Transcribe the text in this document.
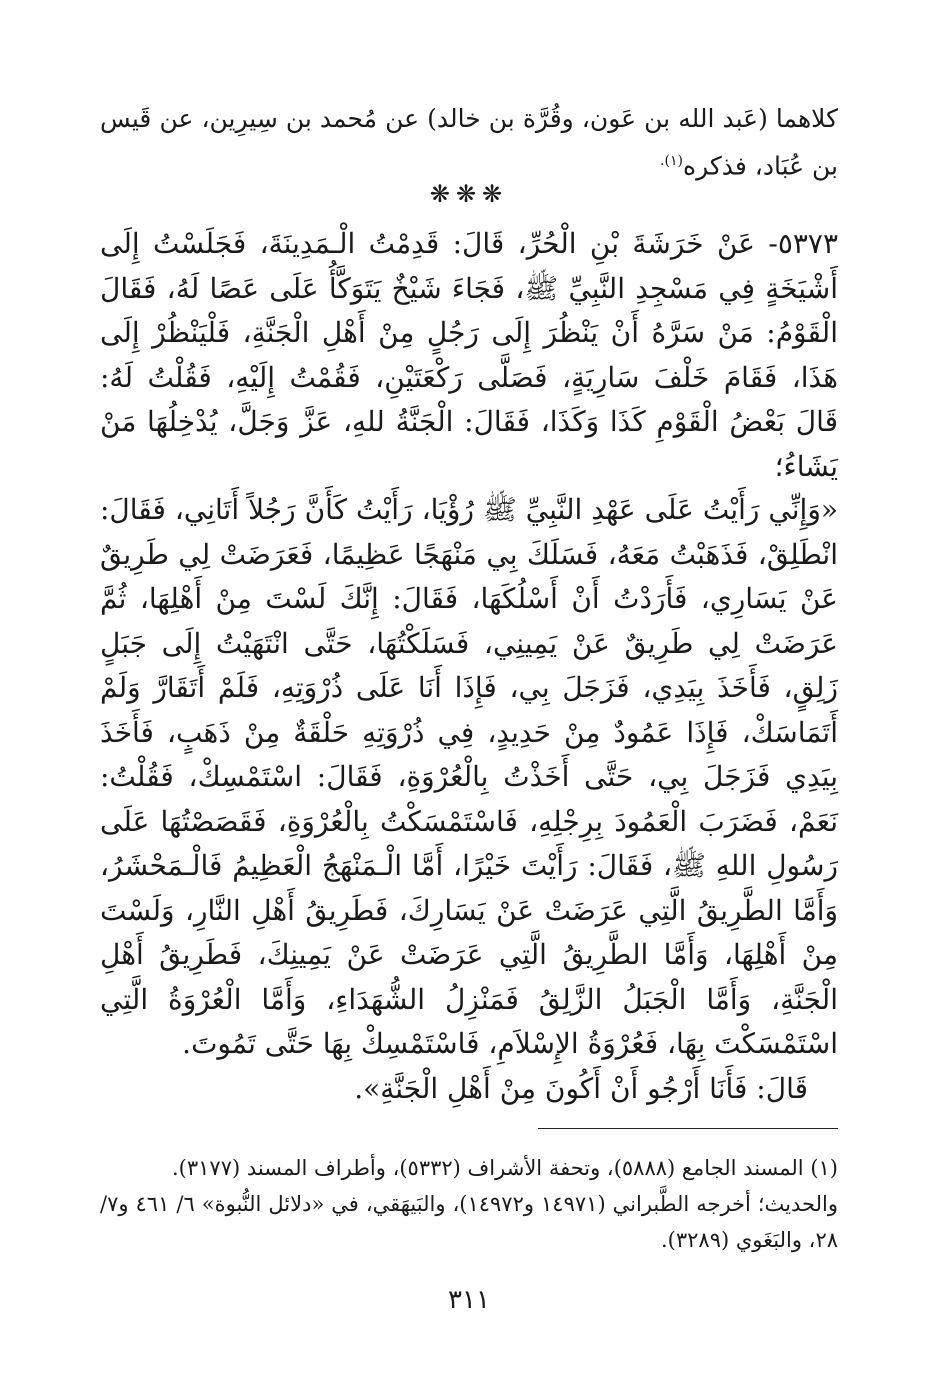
كلاهما (عَبد الله بن عَون، وقُرَّة بن خالد) عن مُحمد بن سِيرِين، عن قَيس بن عُبَاد، فذكره$^{(١).}$
❋❋❋

٥٣٧٣- عَنْ خَرَشَةَ بْنِ الْحُرِّ، قَالَ: قَدِمْتُ الْـمَدِينَةَ، فَجَلَسْتُ إِلَى أَشْيَخَةٍ فِي مَسْجِدِ النَّبِيِّ ﷺ، فَجَاءَ شَيْخٌ يَتَوَكَّأُ عَلَى عَصًا لَهُ، فَقَالَ الْقَوْمُ: مَنْ سَرَّهُ أَنْ يَنْظُرَ إِلَى رَجُلٍ مِنْ أَهْلِ الْجَنَّةِ، فَلْيَنْظُرْ إِلَى هَذَا، فَقَامَ خَلْفَ سَارِيَةٍ، فَصَلَّى رَكْعَتَيْنِ، فَقُمْتُ إِلَيْهِ، فَقُلْتُ لَهُ: قَالَ بَعْضُ الْقَوْمِ كَذَا وَكَذَا، فَقَالَ: الْجَنَّةُ للهِ، عَزَّ وَجَلَّ، يُدْخِلُهَا مَنْ يَشَاءُ؛

«وَإِنِّي رَأَيْتُ عَلَى عَهْدِ النَّبِيِّ ﷺ رُؤْيَا، رَأَيْتُ كَأَنَّ رَجُلاً أَتَانِي، فَقَالَ: انْطَلِقْ، فَذَهَبْتُ مَعَهُ، فَسَلَكَ بِي مَنْهَجًا عَظِيمًا، فَعَرَضَتْ لِي طَرِيقٌ عَنْ يَسَارِي، فَأَرَدْتُ أَنْ أَسْلُكَهَا، فَقَالَ: إِنَّكَ لَسْتَ مِنْ أَهْلِهَا، ثُمَّ عَرَضَتْ لِي طَرِيقٌ عَنْ يَمِينِي، فَسَلَكْتُهَا، حَتَّى انْتَهَيْتُ إِلَى جَبَلٍ زَلِقٍ، فَأَخَذَ بِيَدِي، فَزَجَلَ بِي، فَإِذَا أَنَا عَلَى ذُرْوَتِهِ، فَلَمْ أَتَقَارَّ وَلَمْ أَتَمَاسَكْ، فَإِذَا عَمُودٌ مِنْ حَدِيدٍ، فِي ذُرْوَتِهِ حَلْقَةٌ مِنْ ذَهَبٍ، فَأَخَذَ بِيَدِي فَزَجَلَ بِي، حَتَّى أَخَذْتُ بِالْعُرْوَةِ، فَقَالَ: اسْتَمْسِكْ، فَقُلْتُ: نَعَمْ، فَضَرَبَ الْعَمُودَ بِرِجْلِهِ، فَاسْتَمْسَكْتُ بِالْعُرْوَةِ، فَقَصَصْتُهَا عَلَى رَسُولِ اللهِ ﷺ، فَقَالَ: رَأَيْتَ خَيْرًا، أَمَّا الْـمَنْهَجُ الْعَظِيمُ فَالْـمَحْشَرُ، وَأَمَّا الطَّرِيقُ الَّتِي عَرَضَتْ عَنْ يَسَارِكَ، فَطَرِيقُ أَهْلِ النَّارِ، وَلَسْتَ مِنْ أَهْلِهَا، وَأَمَّا الطَّرِيقُ الَّتِي عَرَضَتْ عَنْ يَمِينِكَ، فَطَرِيقُ أَهْلِ الْجَنَّةِ، وَأَمَّا الْجَبَلُ الزَّلِقُ فَمَنْزِلُ الشُّهَدَاءِ، وَأَمَّا الْعُرْوَةُ الَّتِي اسْتَمْسَكْتَ بِهَا، فَعُرْوَةُ الإِسْلاَمِ، فَاسْتَمْسِكْ بِهَا حَتَّى تَمُوتَ.

قَالَ: فَأَنَا أَرْجُو أَنْ أَكُونَ مِنْ أَهْلِ الْجَنَّةِ».

(١) المسند الجامع (٥٨٨٨)، وتحفة الأشراف (٥٣٣٢)، وأطراف المسند (٣١٧٧).

والحديث؛ أخرجه الطَّبراني (١٤٩٧١ و١٤٩٧٢)، والبَيهَقي، في «دلائل النُّبوة» ٦/ ٤٦١ و٧/ ٢٨، والبَغَوي (٣٢٨٩).

٣١١
